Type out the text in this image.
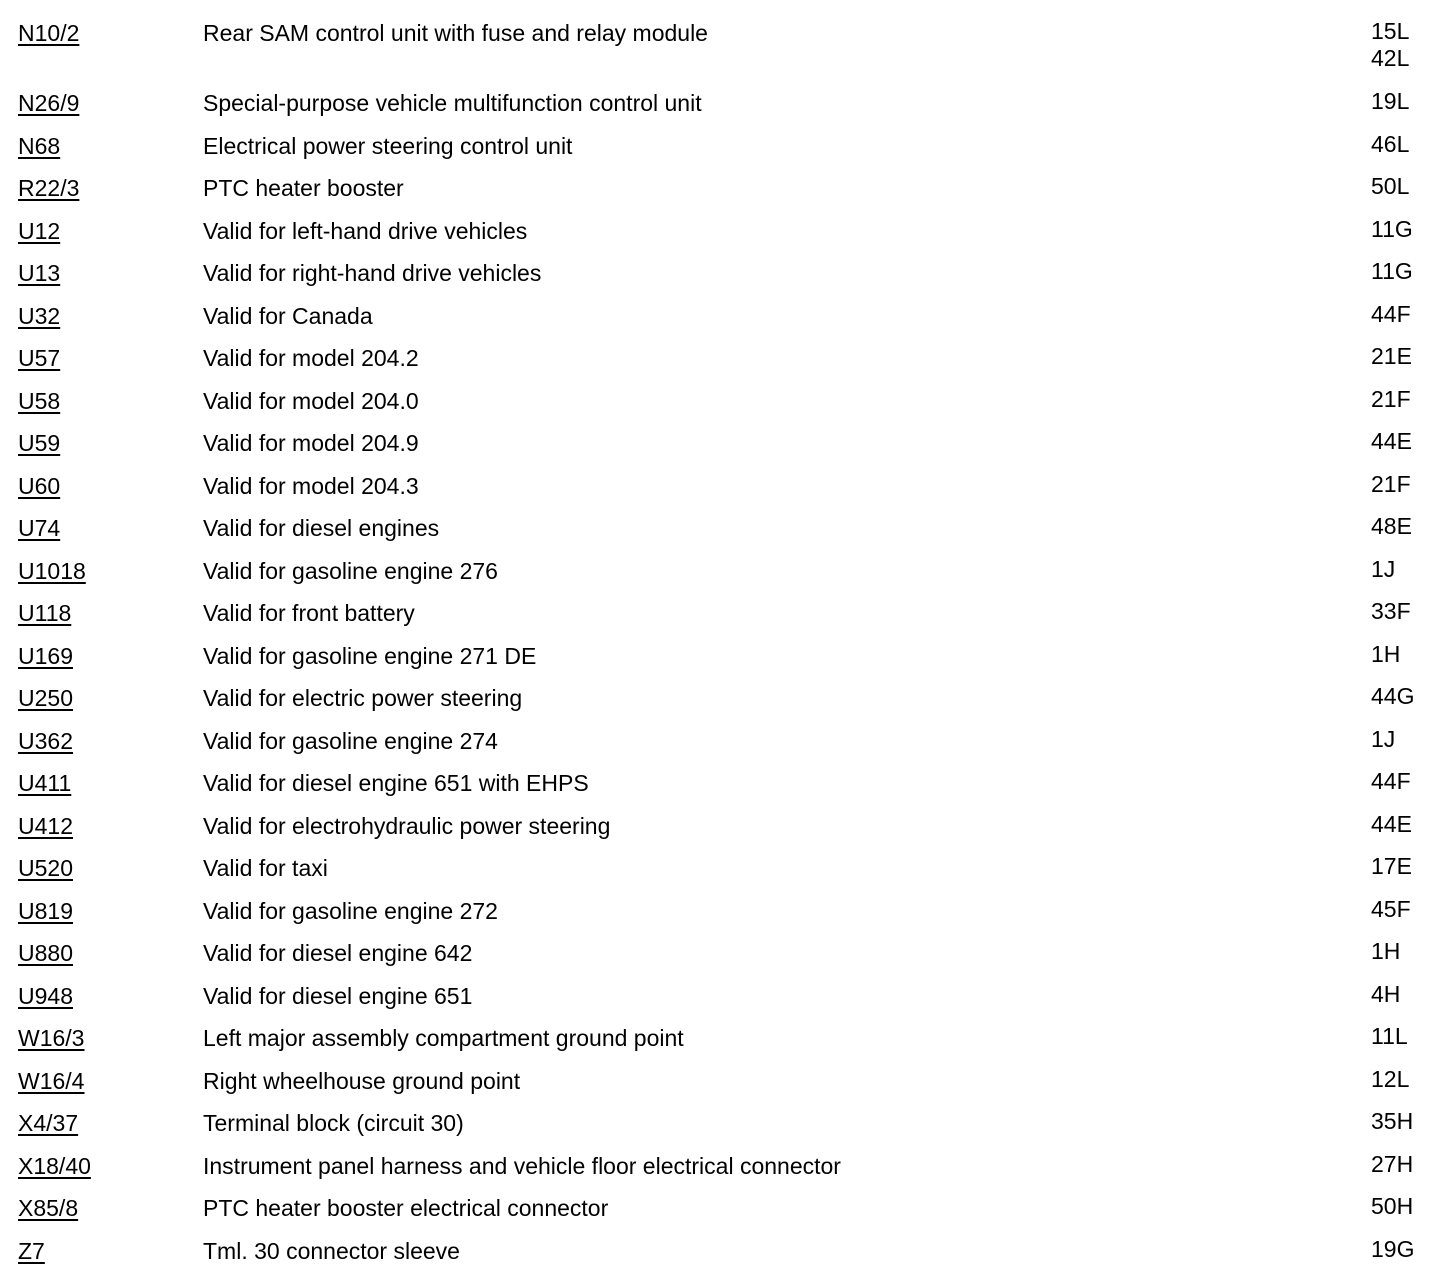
N10/2	Rear SAM control unit with fuse and relay module	15L
42L
N26/9	Special-purpose vehicle multifunction control unit	19L
N68	Electrical power steering control unit	46L
R22/3	PTC heater booster	50L
U12	Valid for left-hand drive vehicles	11G
U13	Valid for right-hand drive vehicles	11G
U32	Valid for Canada	44F
U57	Valid for model 204.2	21E
U58	Valid for model 204.0	21F
U59	Valid for model 204.9	44E
U60	Valid for model 204.3	21F
U74	Valid for diesel engines	48E
U1018	Valid for gasoline engine 276	1J
U118	Valid for front battery	33F
U169	Valid for gasoline engine 271 DE	1H
U250	Valid for electric power steering	44G
U362	Valid for gasoline engine 274	1J
U411	Valid for diesel engine 651 with EHPS	44F
U412	Valid for electrohydraulic power steering	44E
U520	Valid for taxi	17E
U819	Valid for gasoline engine 272	45F
U880	Valid for diesel engine 642	1H
U948	Valid for diesel engine 651	4H
W16/3	Left major assembly compartment ground point	11L
W16/4	Right wheelhouse ground point	12L
X4/37	Terminal block (circuit 30)	35H
X18/40	Instrument panel harness and vehicle floor electrical connector	27H
X85/8	PTC heater booster electrical connector	50H
Z7	Tml. 30 connector sleeve	19G
